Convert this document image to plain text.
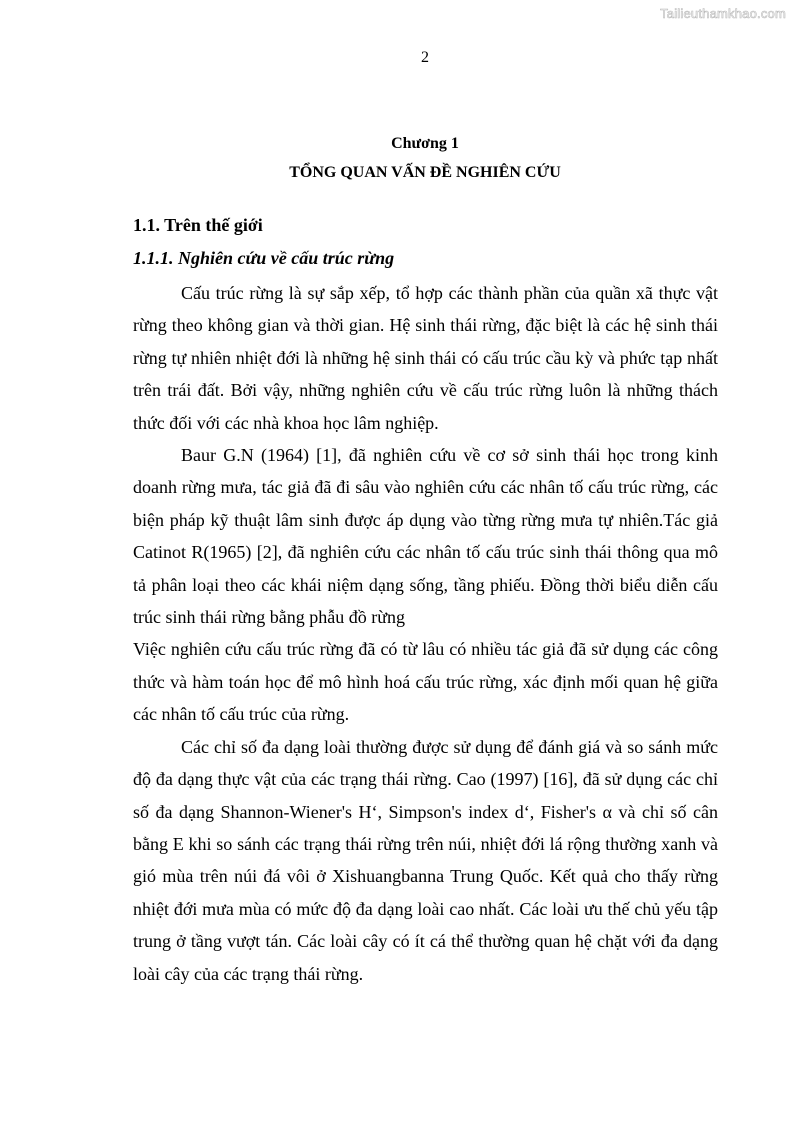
Tailieuthamkhao.com
2
Chương 1
TỔNG QUAN VẤN ĐỀ NGHIÊN CỨU
1.1. Trên thế giới
1.1.1. Nghiên cứu về cấu trúc rừng

Cấu trúc rừng là sự sắp xếp, tổ hợp các thành phần của quần xã thực vật rừng theo không gian và thời gian. Hệ sinh thái rừng, đặc biệt là các hệ sinh thái rừng tự nhiên nhiệt đới là những hệ sinh thái có cấu trúc cầu kỳ và phức tạp nhất trên trái đất. Bởi vậy, những nghiên cứu về cấu trúc rừng luôn là những thách thức đối với các nhà khoa học lâm nghiệp.

Baur G.N (1964) [1], đã nghiên cứu về cơ sở sinh thái học trong kinh doanh rừng mưa, tác giả đã đi sâu vào nghiên cứu các nhân tố cấu trúc rừng, các biện pháp kỹ thuật lâm sinh được áp dụng vào từng rừng mưa tự nhiên.Tác giả Catinot R(1965) [2], đã nghiên cứu các nhân tố cấu trúc sinh thái thông qua mô tả phân loại theo các khái niệm dạng sống, tầng phiếu. Đồng thời biểu diễn cấu trúc sinh thái rừng bằng phẫu đồ rừng

Việc nghiên cứu cấu trúc rừng đã có từ lâu có nhiều tác giả đã sử dụng các công thức và hàm toán học để mô hình hoá cấu trúc rừng, xác định mối quan hệ giữa các nhân tố cấu trúc của rừng.

Các chỉ số đa dạng loài thường được sử dụng để đánh giá và so sánh mức độ đa dạng thực vật của các trạng thái rừng. Cao (1997) [16], đã sử dụng các chỉ số đa dạng Shannon-Wiener's H‘, Simpson's index d‘, Fisher's α và chỉ số cân bằng E khi so sánh các trạng thái rừng trên núi, nhiệt đới lá rộng thường xanh và gió mùa trên núi đá vôi ở Xishuangbanna Trung Quốc. Kết quả cho thấy rừng nhiệt đới mưa mùa có mức độ đa dạng loài cao nhất. Các loài ưu thế chủ yếu tập trung ở tầng vượt tán. Các loài cây có ít cá thể thường quan hệ chặt với đa dạng loài cây của các trạng thái rừng.
